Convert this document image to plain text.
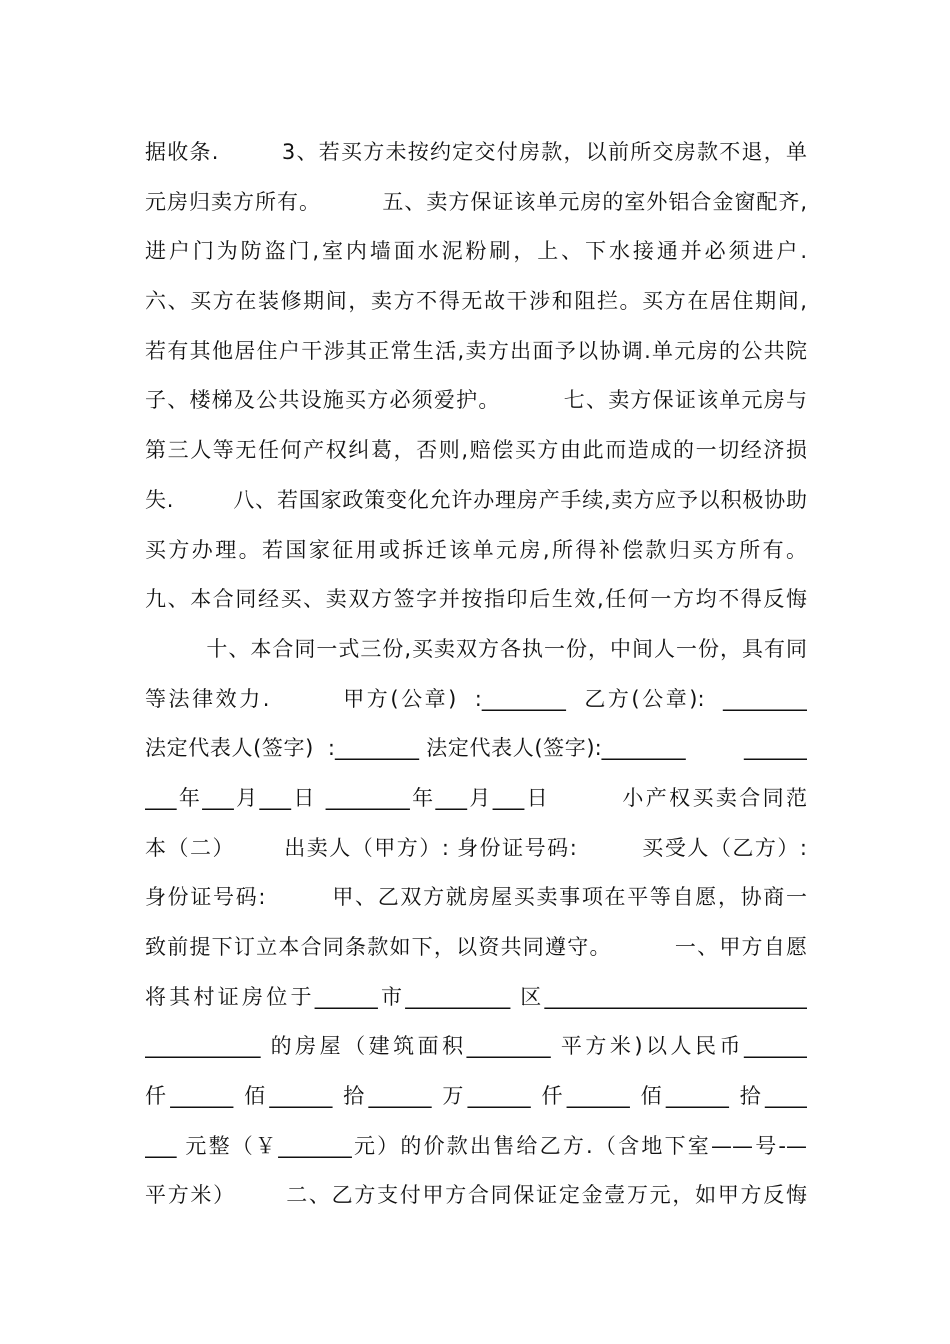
据收条.        3、若买方未按约定交付房款，以前所交房款不退，单
元房归卖方所有。        五、卖方保证该单元房的室外铝合金窗配齐,
进户门为防盗门,室内墙面水泥粉刷，上、下水接通并必须进户.
六、买方在装修期间，卖方不得无故干涉和阻拦。买方在居住期间,
若有其他居住户干涉其正常生活,卖方出面予以协调.单元房的公共院
子、楼梯及公共设施买方必须爱护。        七、卖方保证该单元房与
第三人等无任何产权纠葛，否则,赔偿买方由此而造成的一切经济损
失.        八、若国家政策变化允许办理房产手续,卖方应予以积极协助
买方办理。若国家征用或拆迁该单元房,所得补偿款归买方所有。
九、本合同经买、卖双方签字并按指印后生效,任何一方均不得反悔
十、本合同一式三份,买卖双方各执一份，中间人一份，具有同
等法律效力.        甲方(公章)  :________  乙方(公章):  ________
法定代表人(签字)  :________ 法定代表人(签字):________        ______
___年___月___日 ________年___月___日        小产权买卖合同范
本（二）      出卖人（甲方）: 身份证号码:        买受人（乙方）:
身份证号码:        甲、乙双方就房屋买卖事项在平等自愿，协商一
致前提下订立本合同条款如下，以资共同遵守。        一、甲方自愿
将其村证房位于______市__________ 区_________________________
___________ 的房屋（建筑面积________ 平方米)以人民币______
仟______ 佰______ 拾______ 万______ 仟______ 佰______ 拾____
___ 元整（￥_______元）的价款出售给乙方.（含地下室——号-—
平方米）      二、乙方支付甲方合同保证定金壹万元，如甲方反悔
